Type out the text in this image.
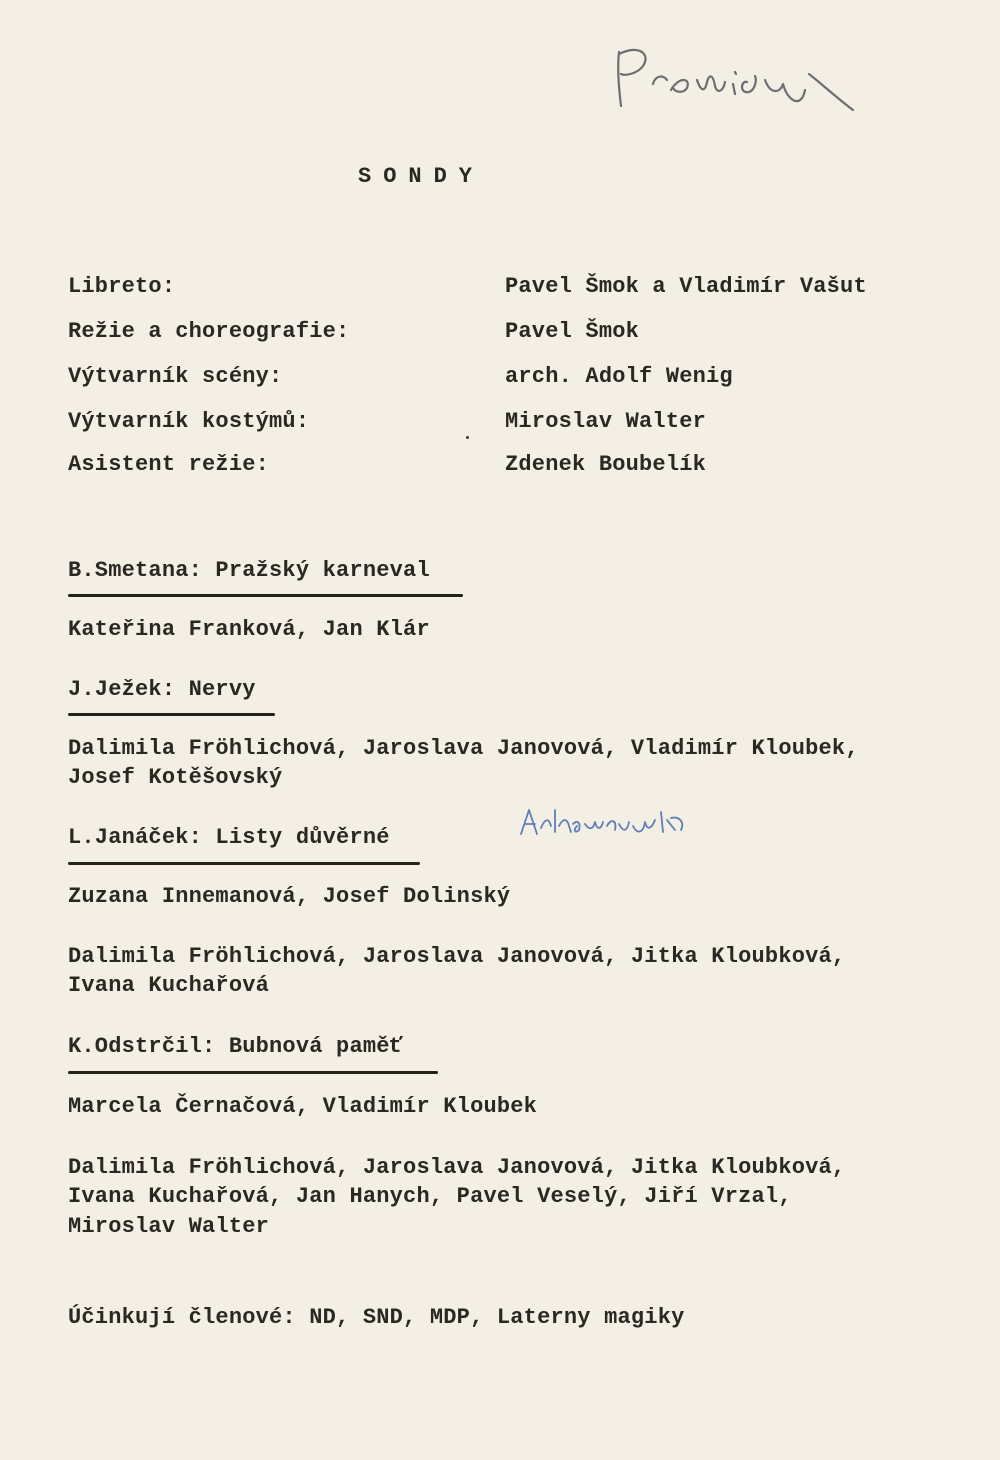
SONDY
Libreto:	Pavel Šmok a Vladimír Vašut
Režie a choreografie:	Pavel Šmok
Výtvarník scény:	arch. Adolf Wenig
Výtvarník kostýmů:	Miroslav Walter
Asistent režie:	Zdenek Boubelík
B.Smetana: Pražský karneval
Kateřina Franková, Jan Klár
J.Ježek: Nervy
Dalimila Fröhlichová, Jaroslava Janovová, Vladimír Kloubek,
Josef Kotěšovský
L.Janáček: Listy důvěrné
Zuzana Innemanová, Josef Dolinský
Dalimila Fröhlichová, Jaroslava Janovová, Jitka Kloubková,
Ivana Kuchařová
K.Odstrčil: Bubnová paměť
Marcela Černačová, Vladimír Kloubek
Dalimila Fröhlichová, Jaroslava Janovová, Jitka Kloubková,
Ivana Kuchařová, Jan Hanych, Pavel Veselý, Jiří Vrzal,
Miroslav Walter
Účinkují členové: ND, SND, MDP, Laterny magiky
